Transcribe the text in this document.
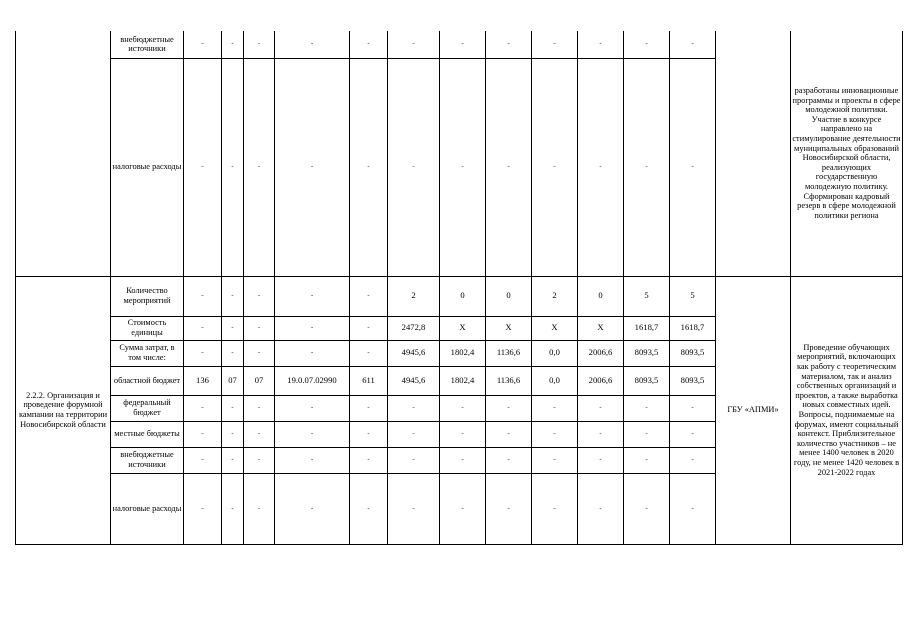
	внебюджетные источники	-	-	-	-	-	-	-	-	-	-	-	-		разработаны инновационные программы и проекты в сфере молодежной политики. Участие в конкурсе направлено на стимулирование деятельности муниципальных образований Новосибирской области, реализующих государственную молодежную политику. Сформирован кадровый резерв в сфере молодежной политики региона
	налоговые расходы	-	-	-	-	-	-	-	-	-	-	-	-		
2.2.2. Организация и проведение форумной кампании на территории Новосибирской области	Количество мероприятий	-	-	-	-	-	2	0	0	2	0	5	5	ГБУ «АПМИ»	Проведение обучающих мероприятий, включающих как работу с теоретическим материалом, так и анализ собственных организаций и проектов, а также выработка новых совместных идей. Вопросы, поднимаемые на форумах, имеют социальный контекст. Приблизительное количество участников – не менее 1400 человек в 2020 году, не менее 1420 человек в 2021-2022 годах
	Стоимость единицы	-	-	-	-	-	2472,8	X	X	X	X	1618,7	1618,7		
	Сумма затрат, в том числе:	-	-	-	-	-	4945,6	1802,4	1136,6	0,0	2006,6	8093,5	8093,5		
	областной бюджет	136	07	07	19.0.07.02990	611	4945,6	1802,4	1136,6	0,0	2006,6	8093,5	8093,5		
	федеральный бюджет	-	-	-	-	-	-	-	-	-	-	-	-		
	местные бюджеты	-	-	-	-	-	-	-	-	-	-	-	-		
	внебюджетные источники	-	-	-	-	-	-	-	-	-	-	-	-		
	налоговые расходы	-	-	-	-	-	-	-	-	-	-	-	-		
